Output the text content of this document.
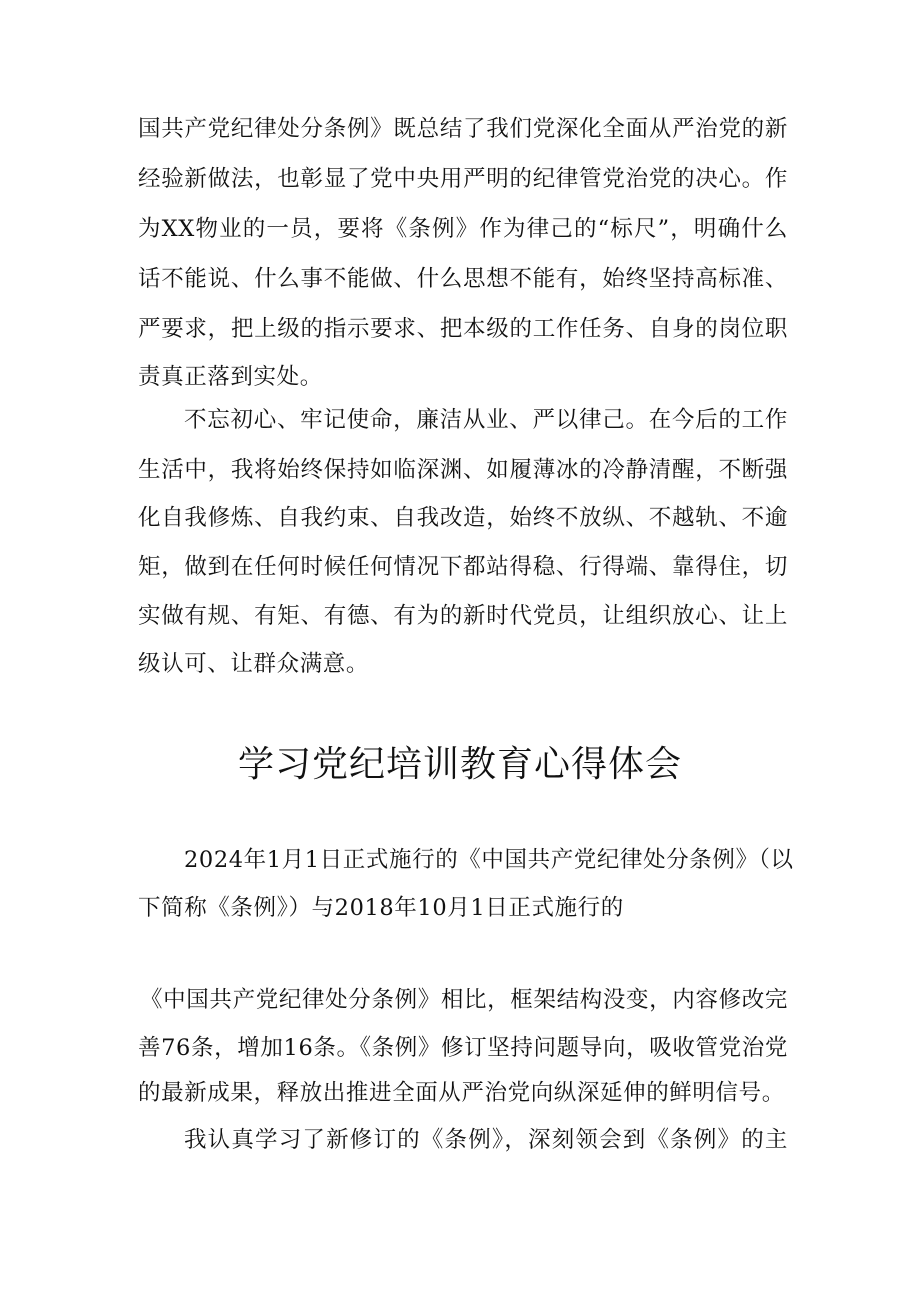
国共产党纪律处分条例》既总结了我们党深化全面从严治党的新
经验新做法，也彰显了党中央用严明的纪律管党治党的决心。作
为XX物业的一员，要将《条例》作为律己的“标尺”，明确什么
话不能说、什么事不能做、什么思想不能有，始终坚持高标准、
严要求，把上级的指示要求、把本级的工作任务、自身的岗位职
责真正落到实处。
不忘初心、牢记使命，廉洁从业、严以律己。在今后的工作
生活中，我将始终保持如临深渊、如履薄冰的冷静清醒，不断强
化自我修炼、自我约束、自我改造，始终不放纵、不越轨、不逾
矩，做到在任何时候任何情况下都站得稳、行得端、靠得住，切
实做有规、有矩、有德、有为的新时代党员，让组织放心、让上
级认可、让群众满意。
学习党纪培训教育心得体会
2024年1月1日正式施行的《中国共产党纪律处分条例》（以
下简称《条例》）与2018年10月1日正式施行的
《中国共产党纪律处分条例》相比，框架结构没变，内容修改完
善76条，增加16条。《条例》修订坚持问题导向，吸收管党治党
的最新成果，释放出推进全面从严治党向纵深延伸的鲜明信号。
我认真学习了新修订的《条例》，深刻领会到《条例》的主
